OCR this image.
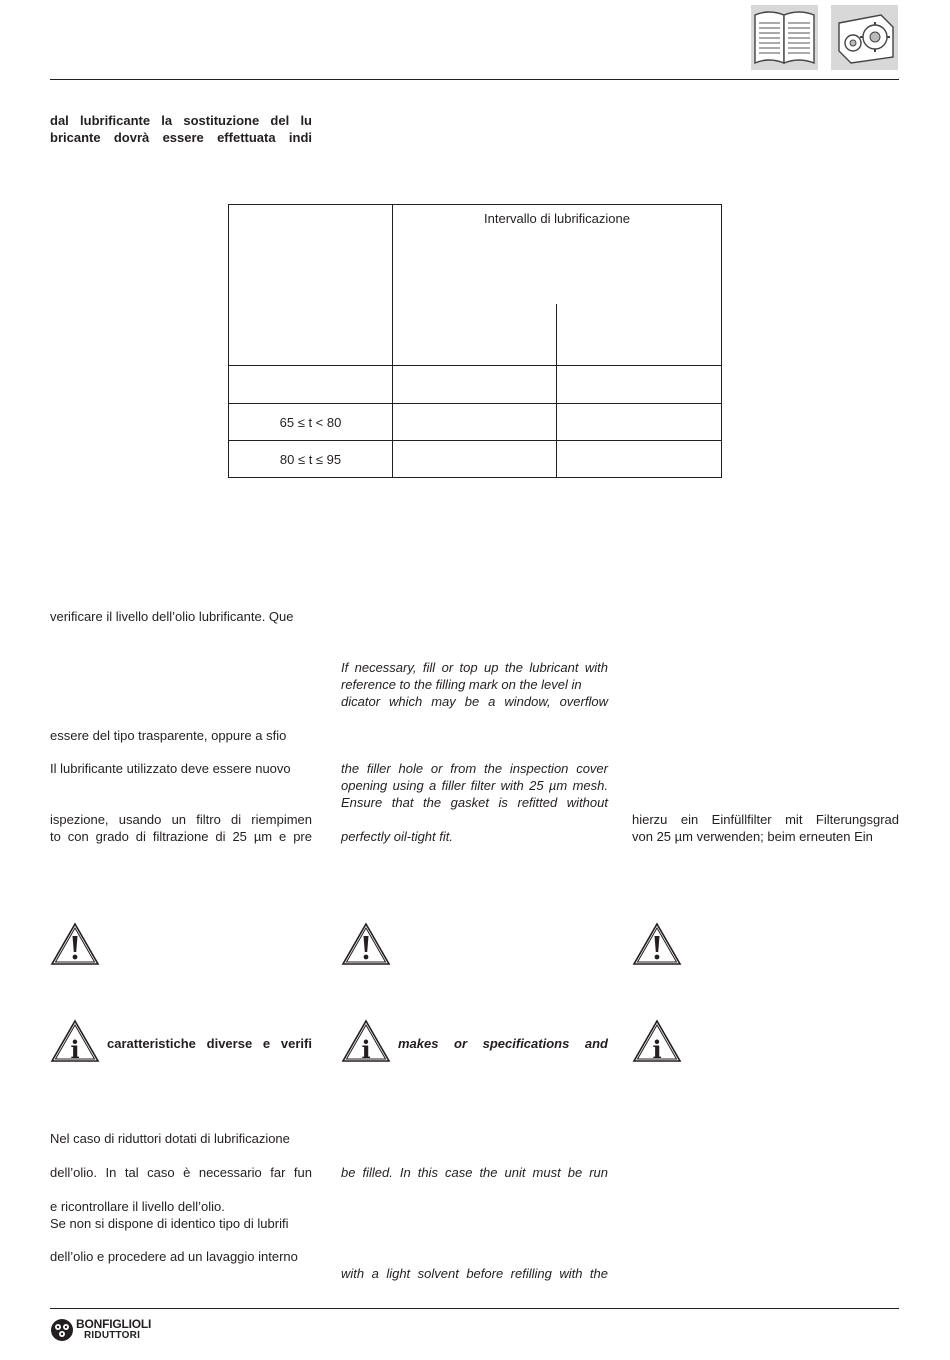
dal lubrificante la sostituzione del lu
bricante dovrà essere effettuata indi
	Intervallo di lubrificazione	

65 ≤ t < 80		
80 ≤ t ≤ 95		
verificare il livello dell’olio lubrificante. Que
essere del tipo trasparente, oppure a sfio
Il lubrificante utilizzato deve essere nuovo
ispezione, usando un filtro di riempimen
to con grado di filtrazione di 25 µm e pre
If necessary, fill or top up the lubricant with
reference to the filling mark on the level in
dicator which may be a window, overflow
the filler hole or from the inspection cover
opening using a filler filter with 25 µm mesh.
Ensure that the gasket is refitted without
perfectly oil-tight fit.
hierzu ein Einfüllfilter mit Filterungsgrad
von 25 µm verwenden; beim erneuten Ein
i caratteristiche diverse e verifi i makes or specifications and i
Nel caso di riduttori dotati di lubrificazione
dell’olio. In tal caso è necessario far fun
e ricontrollare il livello dell’olio.
Se non si dispone di identico tipo di lubrifi
dell’olio e procedere ad un lavaggio interno
be filled. In this case the unit must be run
with a light solvent before refilling with the
BONFIGLIOLI
RIDUTTORI
